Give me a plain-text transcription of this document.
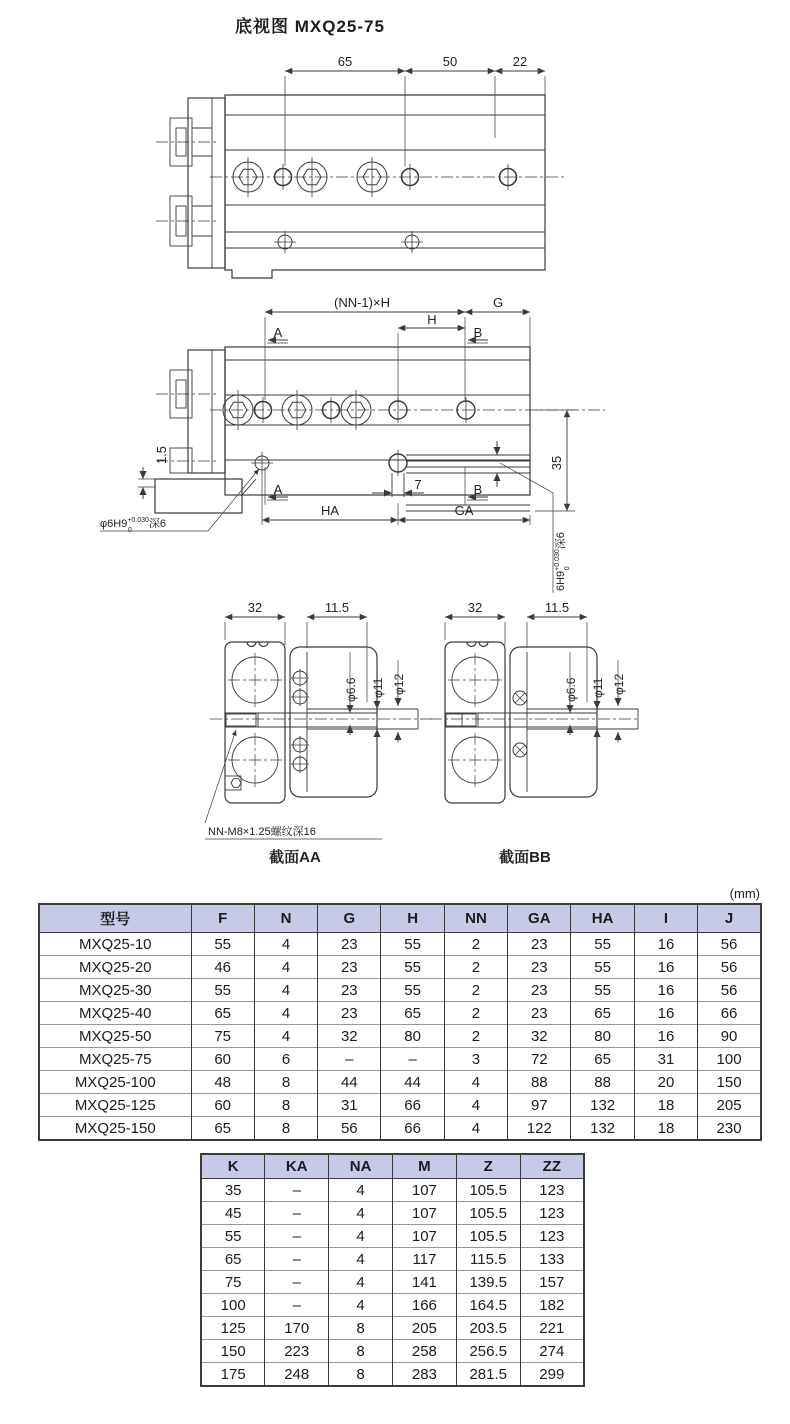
底视图 MXQ25-75
65	50	22
(NN-1)×H	G
H
A	B
35
1.5
7
A	B
HA	GA
$\varphi 6H9^{+0.030}$ 0深6
$6H9^{+0.030}$ 0深6
32	11.5
φ6.6 φ11 φ12
NN-M8×1.25螺纹深16
截面AA
32	11.5
φ6.6 φ11 φ12
截面BB
(mm)
型号	F	N	G	H	NN	GA	HA	I	J
MXQ25-10	55	4	23	55	2	23	55	16	56
MXQ25-20	46	4	23	55	2	23	55	16	56
MXQ25-30	55	4	23	55	2	23	55	16	56
MXQ25-40	65	4	23	65	2	23	65	16	66
MXQ25-50	75	4	32	80	2	32	80	16	90
MXQ25-75	60	6	–	–	3	72	65	31	100
MXQ25-100	48	8	44	44	4	88	88	20	150
MXQ25-125	60	8	31	66	4	97	132	18	205
MXQ25-150	65	8	56	66	4	122	132	18	230
K	KA	NA	M	Z	ZZ
35	–	4	107	105.5	123
45	–	4	107	105.5	123
55	–	4	107	105.5	123
65	–	4	117	115.5	133
75	–	4	141	139.5	157
100	–	4	166	164.5	182
125	170	8	205	203.5	221
150	223	8	258	256.5	274
175	248	8	283	281.5	299
